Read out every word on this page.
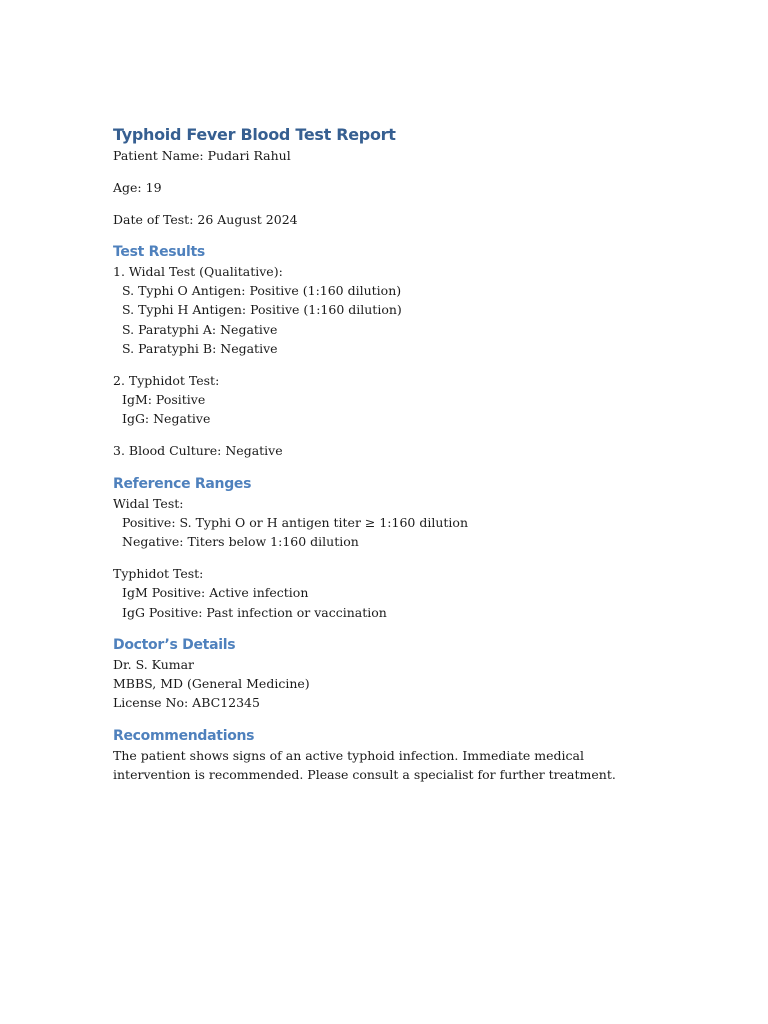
Typhoid Fever Blood Test Report

Patient Name: Pudari Rahul

Age: 19

Date of Test: 26 August 2024

Test Results

1. Widal Test (Qualitative):

S. Typhi O Antigen: Positive (1:160 dilution)

S. Typhi H Antigen: Positive (1:160 dilution)

S. Paratyphi A: Negative

S. Paratyphi B: Negative

2. Typhidot Test:

IgM: Positive

IgG: Negative

3. Blood Culture: Negative

Reference Ranges

Widal Test:

Positive: S. Typhi O or H antigen titer ≥ 1:160 dilution

Negative: Titers below 1:160 dilution

Typhidot Test:

IgM Positive: Active infection

IgG Positive: Past infection or vaccination

Doctor’s Details

Dr. S. Kumar

MBBS, MD (General Medicine)

License No: ABC12345

Recommendations

The patient shows signs of an active typhoid infection. Immediate medical intervention is recommended. Please consult a specialist for further treatment.
